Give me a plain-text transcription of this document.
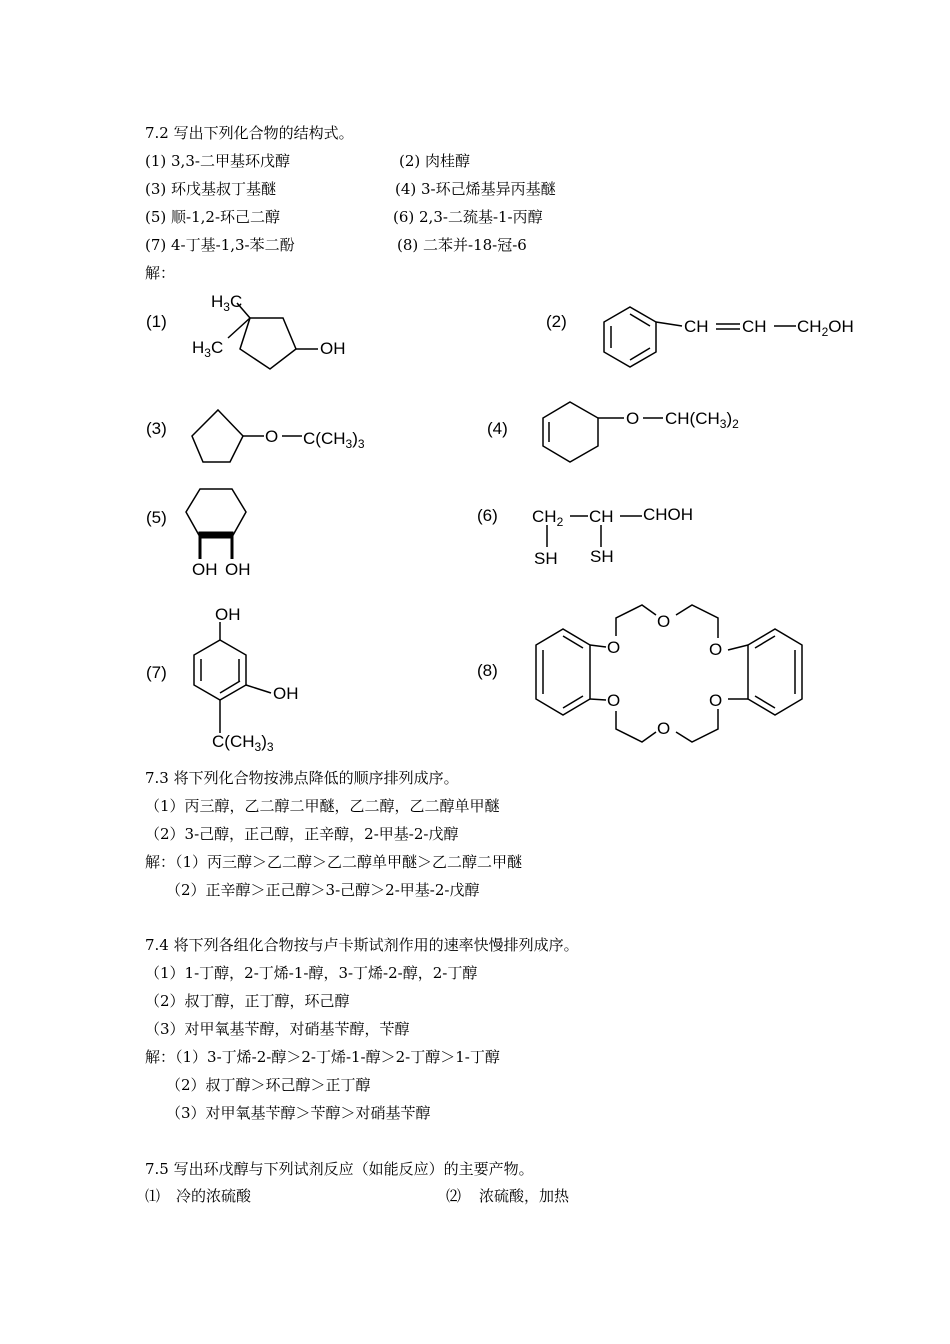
7.2 写出下列化合物的结构式。
(1) 3,3-二甲基环戊醇	(2) 肉桂醇
(3) 环戊基叔丁基醚	(4) 3-环己烯基异丙基醚
(5) 顺-1,2-环己二醇	(6) 2,3-二巯基-1-丙醇
(7) 4-丁基-1,3-苯二酚	(8) 二苯并-18-冠-6
解：
(1)	(2)
(3)	(4)
(5)	(6)
(7)	(8)
$H_3C$
$H_3C$	OH
CH CH $CH_2OH$
O $C(CH_3)_3$
O $CH(CH_3)_2$
OH OH
$CH_2$ CH CHOH
SH SH
OH
OH
$C(CH_3)_3$
O
O
O
O
O
O
7.3 将下列化合物按沸点降低的顺序排列成序。
（1）丙三醇，乙二醇二甲醚，乙二醇，乙二醇单甲醚
（2）3-己醇，正己醇，正辛醇，2-甲基-2-戊醇
解：（1）丙三醇＞乙二醇＞乙二醇单甲醚＞乙二醇二甲醚
（2）正辛醇＞正己醇＞3-己醇＞2-甲基-2-戊醇
7.4 将下列各组化合物按与卢卡斯试剂作用的速率快慢排列成序。
（1）1-丁醇，2-丁烯-1-醇，3-丁烯-2-醇，2-丁醇
（2）叔丁醇，正丁醇，环己醇
（3）对甲氧基苄醇，对硝基苄醇，苄醇
解：（1）3-丁烯-2-醇＞2-丁烯-1-醇＞2-丁醇＞1-丁醇
（2）叔丁醇＞环己醇＞正丁醇
（3）对甲氧基苄醇＞苄醇＞对硝基苄醇
7.5 写出环戊醇与下列试剂反应（如能反应）的主要产物。
⑴ 冷的浓硫酸	⑵ 浓硫酸，加热
